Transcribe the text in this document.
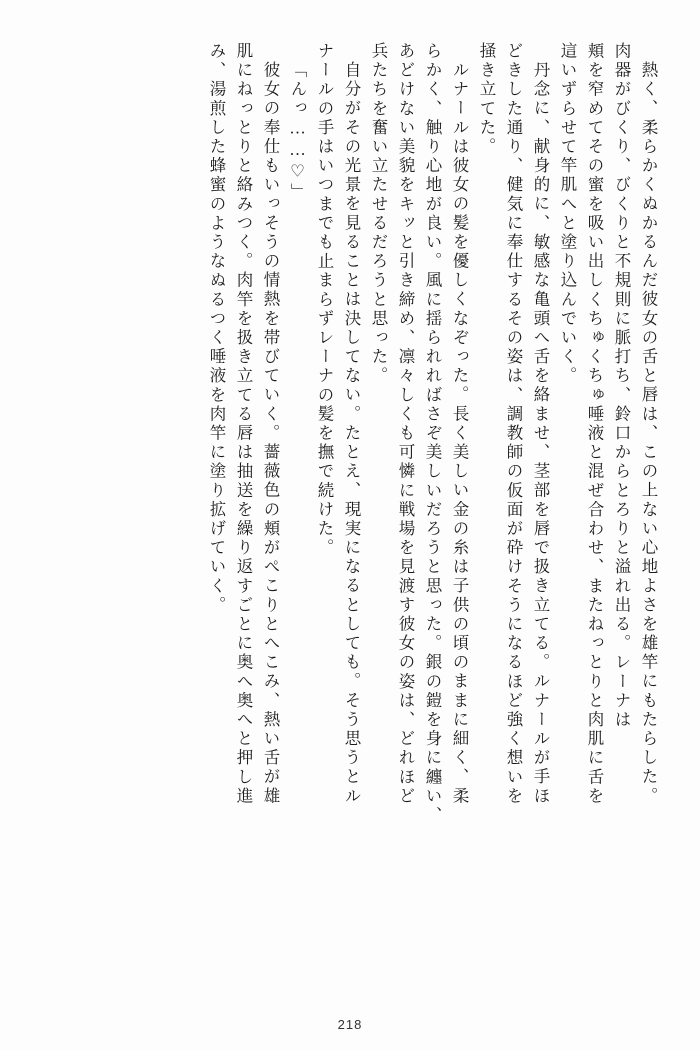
熱く、柔らかくぬかるんだ彼女の舌と唇は、この上ない心地よさを雄竿にもたらした。
肉器がびくり、びくりと不規則に脈打ち、鈴口からとろりと溢れ出る。レーナは
頬を窄めてその蜜を吸い出しくちゅくちゅ唾液と混ぜ合わせ、またねっとりと肉肌に舌を
這いずらせて竿肌へと塗り込んでいく。
丹念に、献身的に、敏感な亀頭へ舌を絡ませ、茎部を唇で扱き立てる。ルナールが手ほ
どきした通り、健気に奉仕するその姿は、調教師の仮面が砕けそうになるほど強く想いを
掻き立てた。
ルナールは彼女の髪を優しくなぞった。長く美しい金の糸は子供の頃のままに細く、柔
らかく、触り心地が良い。風に揺られればさぞ美しいだろうと思った。銀の鎧を身に纏い、
あどけない美貌をキッと引き締め、凛々しくも可憐に戦場を見渡す彼女の姿は、どれほど
兵たちを奮い立たせるだろうと思った。
自分がその光景を見ることは決してない。たとえ、現実になるとしても。そう思うとル
ナールの手はいつまでも止まらずレーナの髪を撫で続けた。
「んっ……♡」
彼女の奉仕もいっそうの情熱を帯びていく。薔薇色の頬がぺこりとへこみ、熱い舌が雄
肌にねっとりと絡みつく。肉竿を扱き立てる唇は抽送を繰り返すごとに奥へ奥へと押し進
み、湯煎した蜂蜜のようなぬるつく唾液を肉竿に塗り拡げていく。
218
